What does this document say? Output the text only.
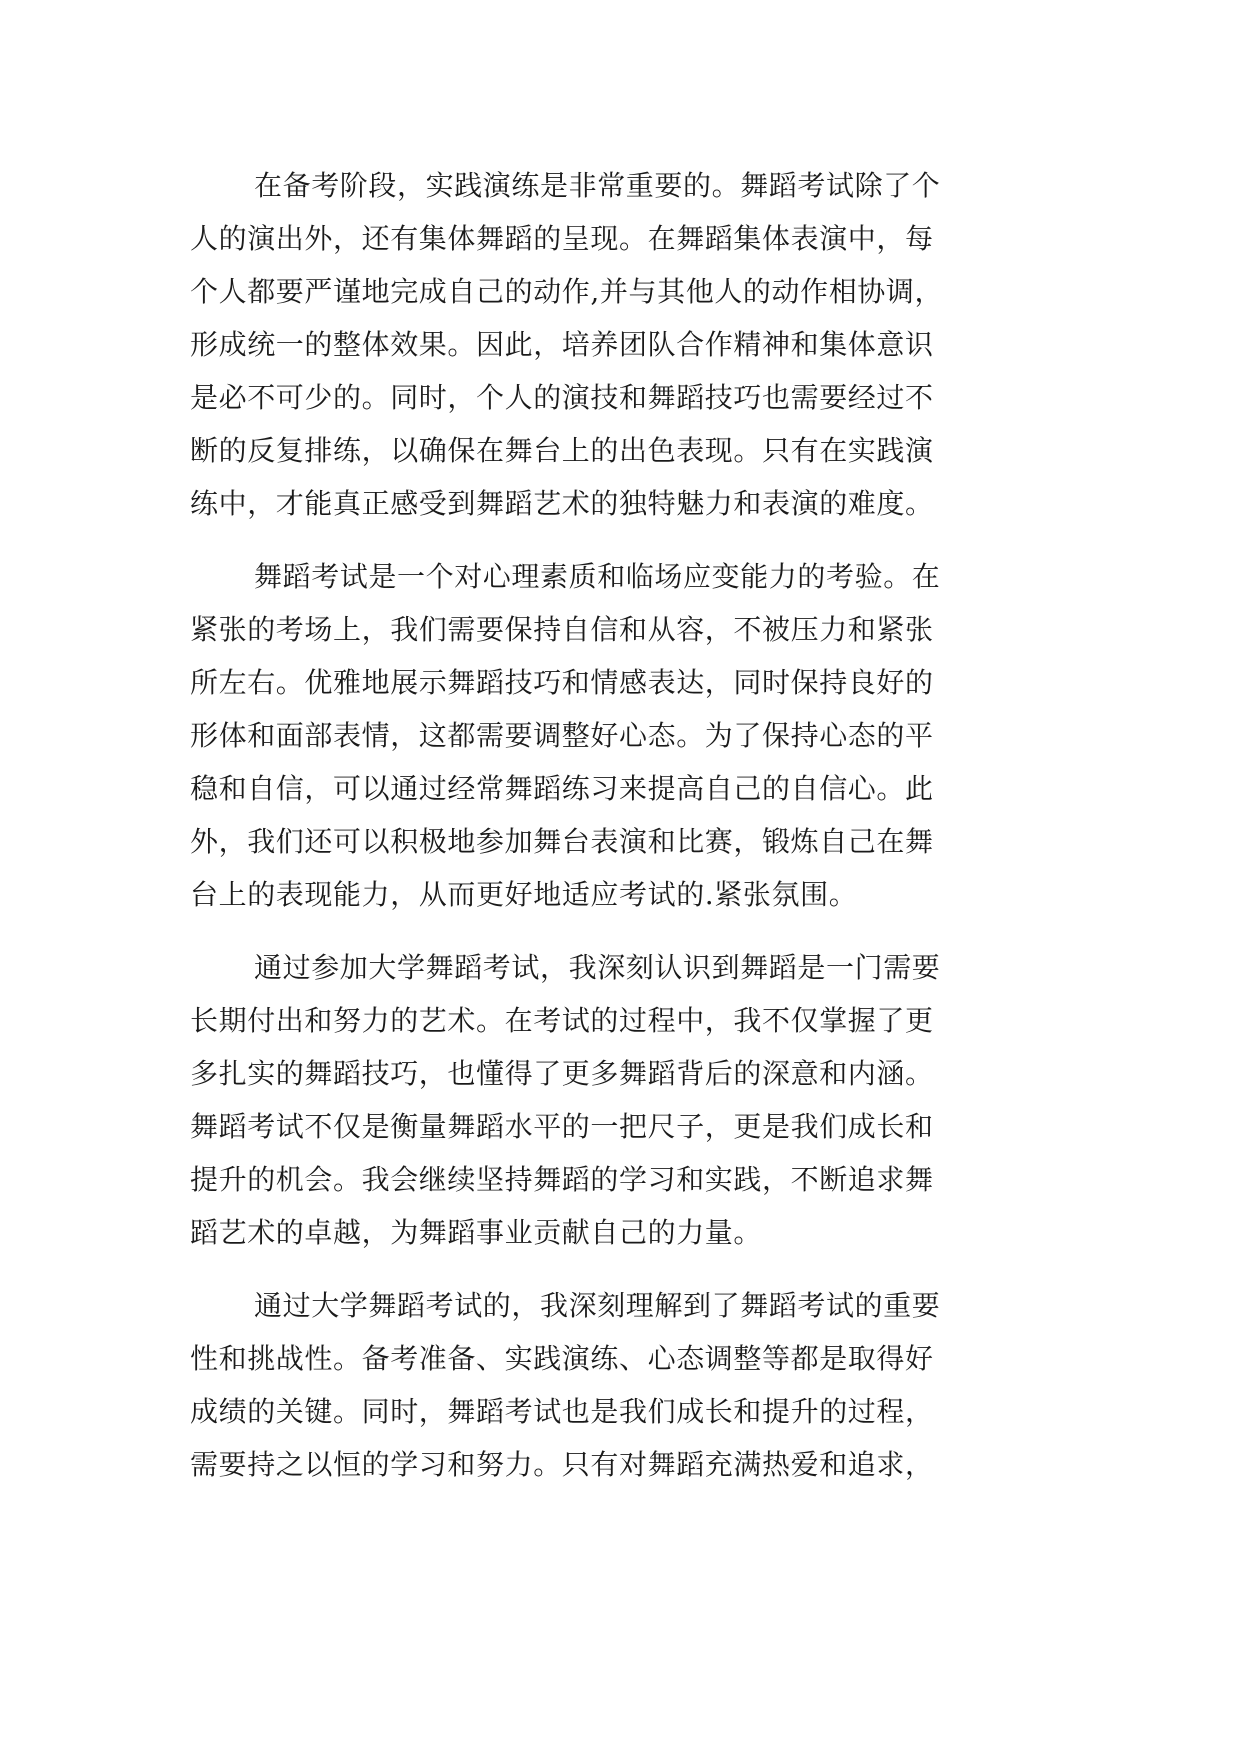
在备考阶段，实践演练是非常重要的。舞蹈考试除了个
人的演出外，还有集体舞蹈的呈现。在舞蹈集体表演中，每
个人都要严谨地完成自己的动作,并与其他人的动作相协调，
形成统一的整体效果。因此，培养团队合作精神和集体意识
是必不可少的。同时，个人的演技和舞蹈技巧也需要经过不
断的反复排练，以确保在舞台上的出色表现。只有在实践演
练中，才能真正感受到舞蹈艺术的独特魅力和表演的难度。
舞蹈考试是一个对心理素质和临场应变能力的考验。在
紧张的考场上，我们需要保持自信和从容，不被压力和紧张
所左右。优雅地展示舞蹈技巧和情感表达，同时保持良好的
形体和面部表情，这都需要调整好心态。为了保持心态的平
稳和自信，可以通过经常舞蹈练习来提高自己的自信心。此
外，我们还可以积极地参加舞台表演和比赛，锻炼自己在舞
台上的表现能力，从而更好地适应考试的.紧张氛围。
通过参加大学舞蹈考试，我深刻认识到舞蹈是一门需要
长期付出和努力的艺术。在考试的过程中，我不仅掌握了更
多扎实的舞蹈技巧，也懂得了更多舞蹈背后的深意和内涵。
舞蹈考试不仅是衡量舞蹈水平的一把尺子，更是我们成长和
提升的机会。我会继续坚持舞蹈的学习和实践，不断追求舞
蹈艺术的卓越，为舞蹈事业贡献自己的力量。
通过大学舞蹈考试的，我深刻理解到了舞蹈考试的重要
性和挑战性。备考准备、实践演练、心态调整等都是取得好
成绩的关键。同时，舞蹈考试也是我们成长和提升的过程，
需要持之以恒的学习和努力。只有对舞蹈充满热爱和追求，
